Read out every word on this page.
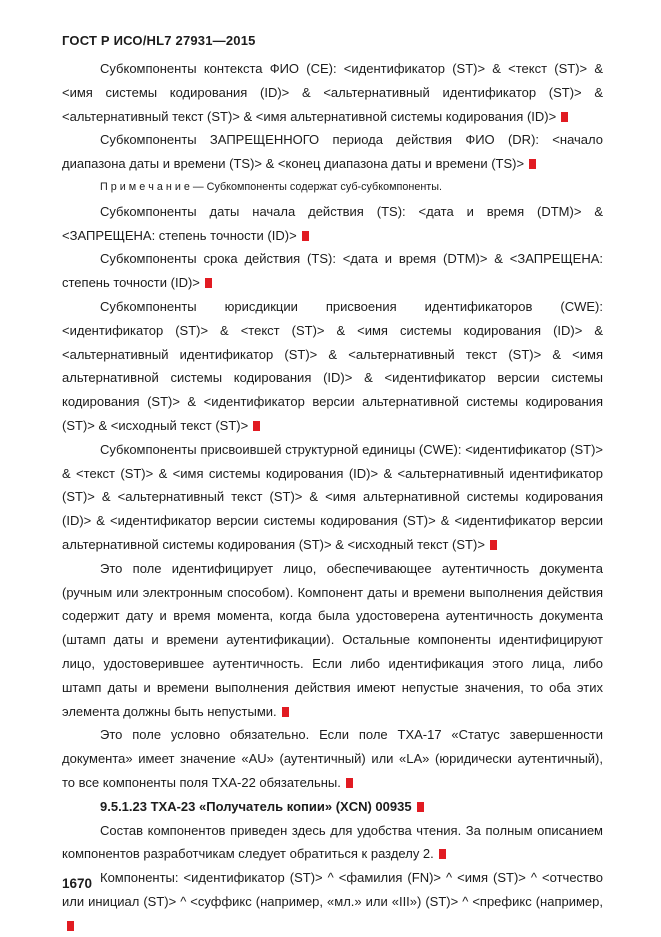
ГОСТ Р ИСО/HL7 27931—2015

Субкомпоненты контекста ФИО (CE): <идентификатор (ST)> & <текст (ST)> & <имя системы кодирования (ID)> & <альтернативный идентификатор (ST)> & <альтернативный текст (ST)> & <имя альтернативной системы кодирования (ID)>

Субкомпоненты ЗАПРЕЩЕННОГО периода действия ФИО (DR): <начало диапазона даты и времени (TS)> & <конец диапазона даты и времени (TS)>

П р и м е ч а н и е — Субкомпоненты содержат суб-субкомпоненты.

Субкомпоненты даты начала действия (TS): <дата и время (DTM)> & <ЗАПРЕЩЕНА: степень точности (ID)>

Субкомпоненты срока действия (TS): <дата и время (DTM)> & <ЗАПРЕЩЕНА: степень точности (ID)>

Субкомпоненты юрисдикции присвоения идентификаторов (CWE): <идентификатор (ST)> & <текст (ST)> & <имя системы кодирования (ID)> & <альтернативный идентификатор (ST)> & <альтернативный текст (ST)> & <имя альтернативной системы кодирования (ID)> & <идентификатор версии системы кодирования (ST)> & <идентификатор версии альтернативной системы кодирования (ST)> & <исходный текст (ST)>

Субкомпоненты присвоившей структурной единицы (CWE): <идентификатор (ST)> & <текст (ST)> & <имя системы кодирования (ID)> & <альтернативный идентификатор (ST)> & <альтернативный текст (ST)> & <имя альтернативной системы кодирования (ID)> & <идентификатор версии системы кодирования (ST)> & <идентификатор версии альтернативной системы кодирования (ST)> & <исходный текст (ST)>

Это поле идентифицирует лицо, обеспечивающее аутентичность документа (ручным или электронным способом). Компонент даты и времени выполнения действия содержит дату и время момента, когда была удостоверена аутентичность документа (штамп даты и времени аутентификации). Остальные компоненты идентифицируют лицо, удостоверившее аутентичность. Если либо идентификация этого лица, либо штамп даты и времени выполнения действия имеют непустые значения, то оба этих элемента должны быть непустыми.

Это поле условно обязательно. Если поле TXA-17 «Статус завершенности документа» имеет значение «AU» (аутентичный) или «LA» (юридически аутентичный), то все компоненты поля TXA-22 обязательны.

9.5.1.23 TXA-23 «Получатель копии» (XCN) 00935

Состав компонентов приведен здесь для удобства чтения. За полным описанием компонентов разработчикам следует обратиться к разделу 2.

Компоненты: <идентификатор (ST)> ^ <фамилия (FN)> ^ <имя (ST)> ^ <отчество или инициал (ST)> ^ <суффикс (например, «мл.» или «III») (ST)> ^ <префикс (например,

1670
